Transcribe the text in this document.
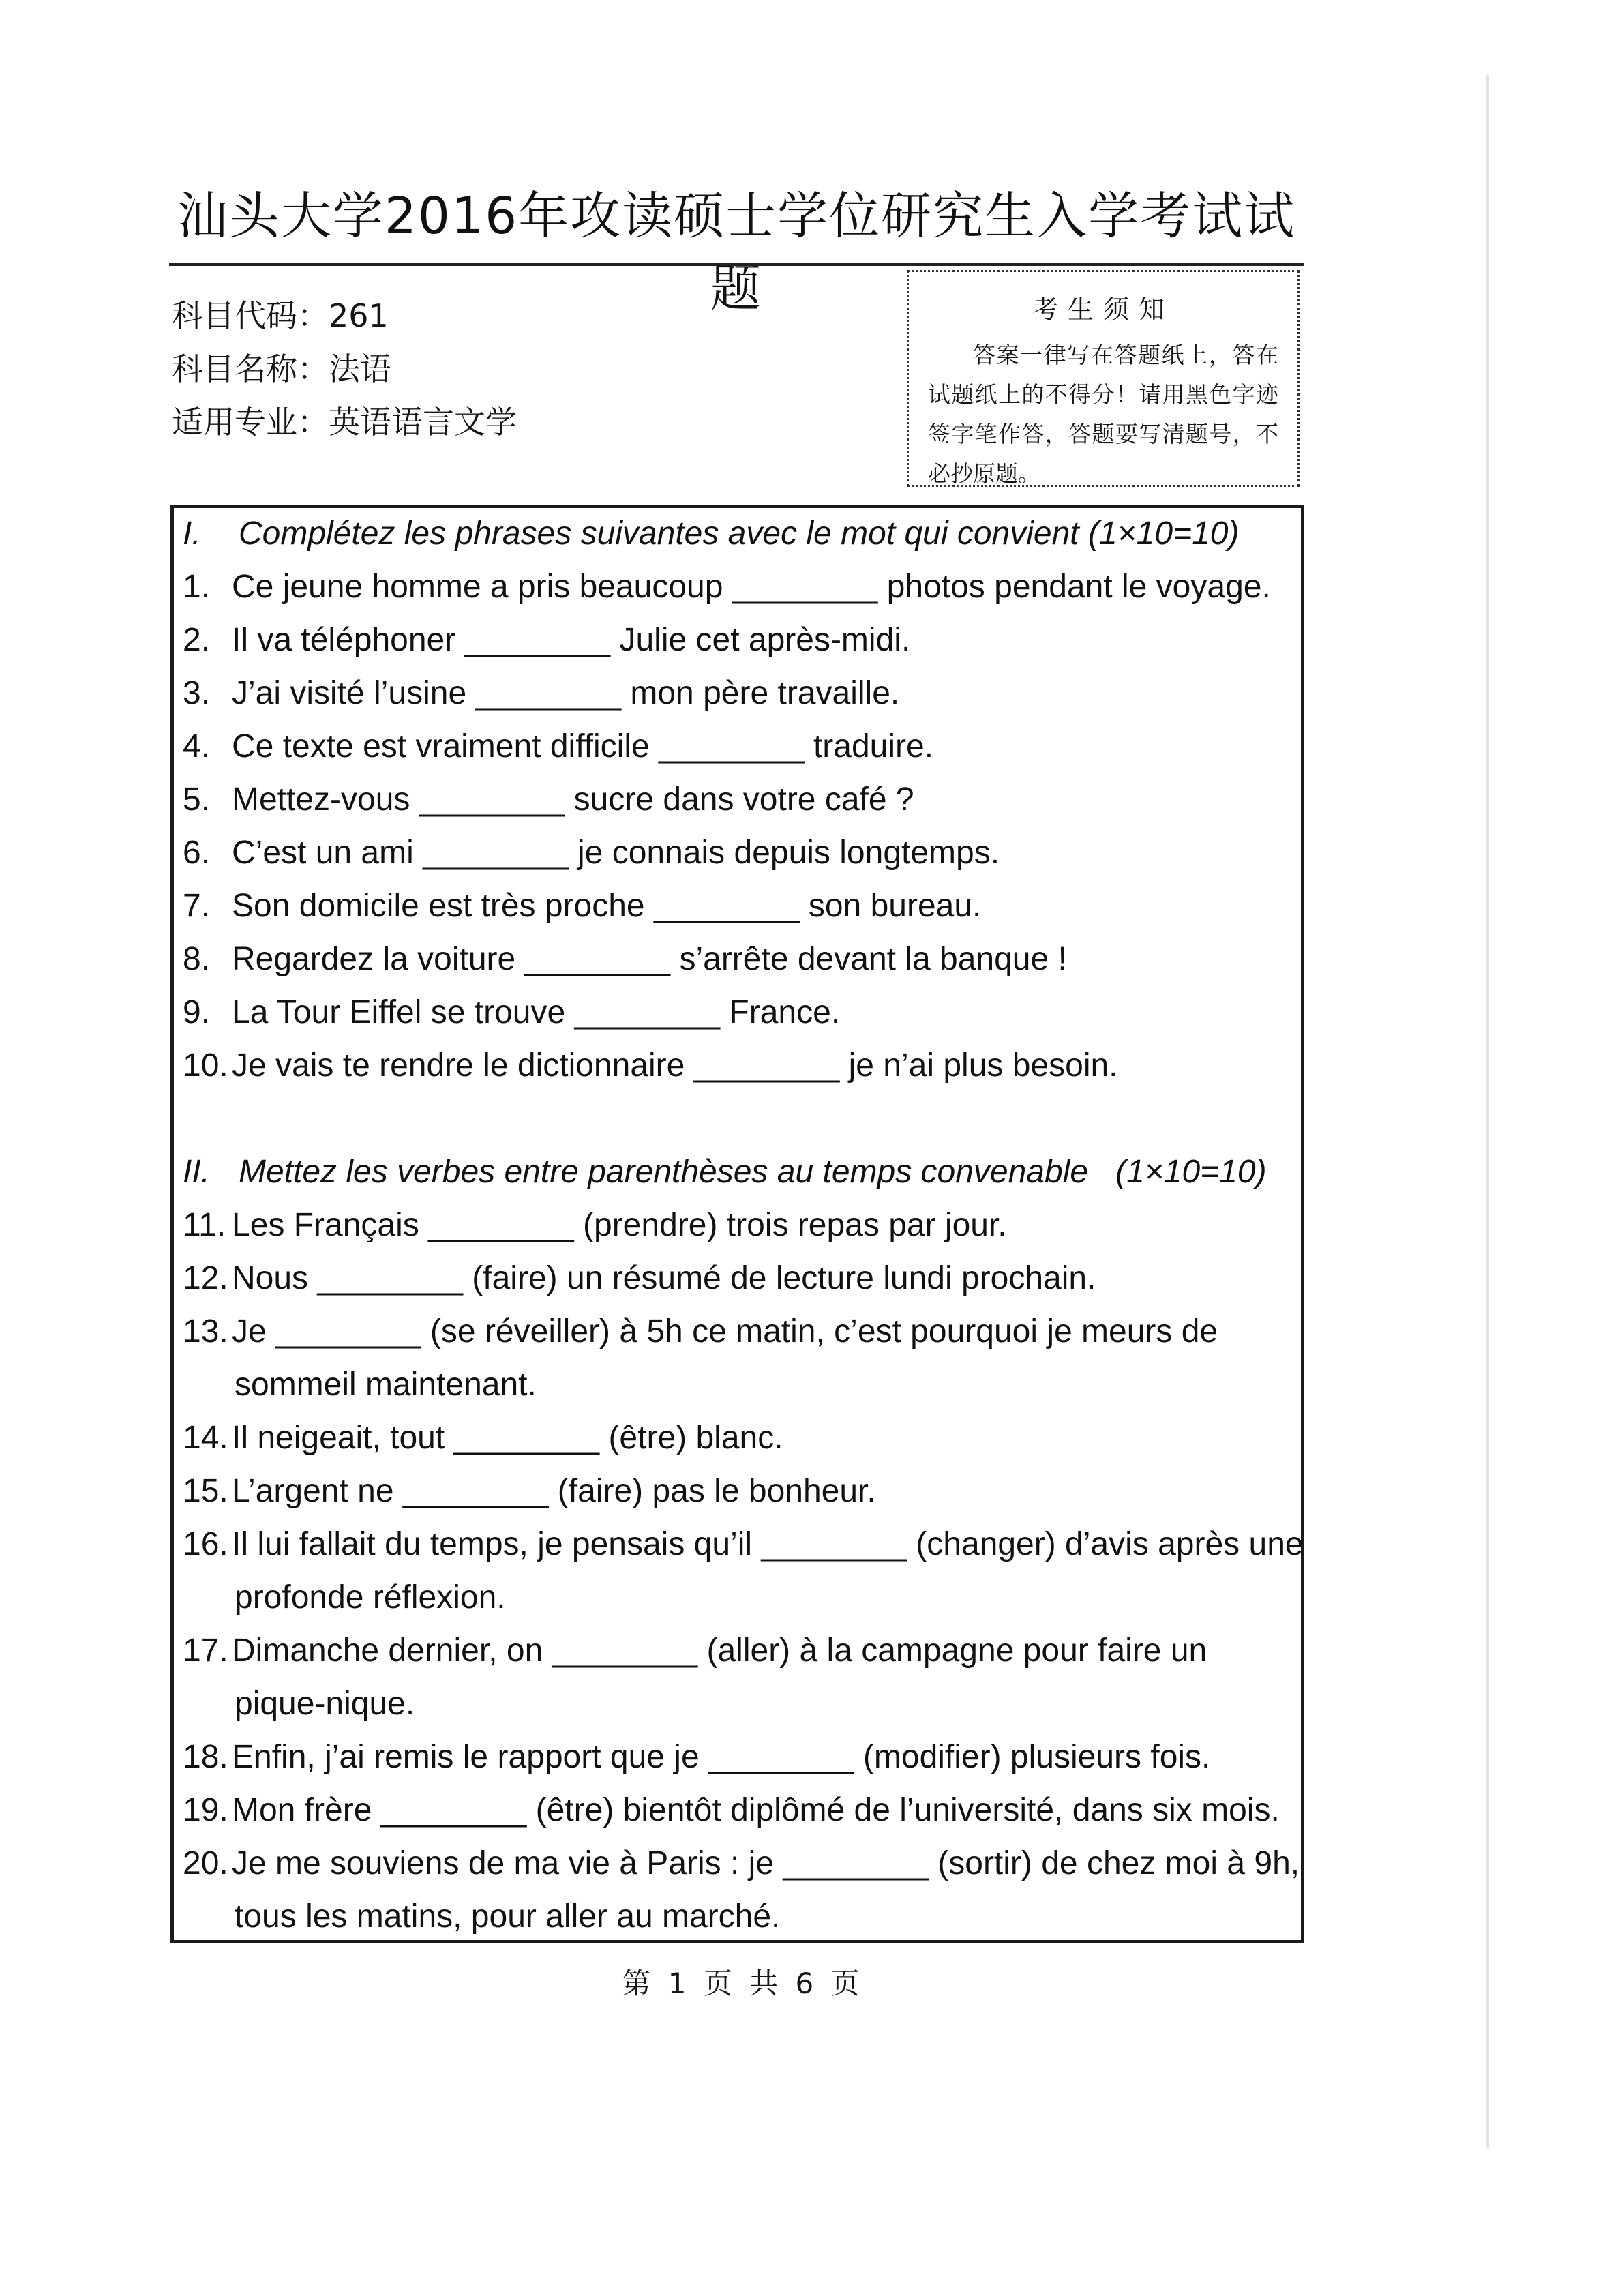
汕头大学2016年攻读硕士学位研究生入学考试试题
科目代码：261
科目名称：法语
适用专业：英语语言文学
考生须知
答案一律写在答题纸上，答在试题纸上的不得分！请用黑色字迹签字笔作答，答题要写清题号，不必抄原题。
I. Complétez les phrases suivantes avec le mot qui convient (1×10=10)
1. Ce jeune homme a pris beaucoup ________ photos pendant le voyage.
2. Il va téléphoner ________ Julie cet après-midi.
3. J’ai visité l’usine ________ mon père travaille.
4. Ce texte est vraiment difficile ________ traduire.
5. Mettez-vous ________ sucre dans votre café ?
6. C’est un ami ________ je connais depuis longtemps.
7. Son domicile est très proche ________ son bureau.
8. Regardez la voiture ________ s’arrête devant la banque !
9. La Tour Eiffel se trouve ________ France.
10. Je vais te rendre le dictionnaire ________ je n’ai plus besoin.
II. Mettez les verbes entre parenthèses au temps convenable (1×10=10)
11. Les Français ________ (prendre) trois repas par jour.
12. Nous ________ (faire) un résumé de lecture lundi prochain.
13. Je ________ (se réveiller) à 5h ce matin, c’est pourquoi je meurs de
sommeil maintenant.
14. Il neigeait, tout ________ (être) blanc.
15. L’argent ne ________ (faire) pas le bonheur.
16. Il lui fallait du temps, je pensais qu’il ________ (changer) d’avis après une
profonde réflexion.
17. Dimanche dernier, on ________ (aller) à la campagne pour faire un
pique-nique.
18. Enfin, j’ai remis le rapport que je ________ (modifier) plusieurs fois.
19. Mon frère ________ (être) bientôt diplômé de l’université, dans six mois.
20. Je me souviens de ma vie à Paris : je ________ (sortir) de chez moi à 9h,
tous les matins, pour aller au marché.
第 1 页 共 6 页
